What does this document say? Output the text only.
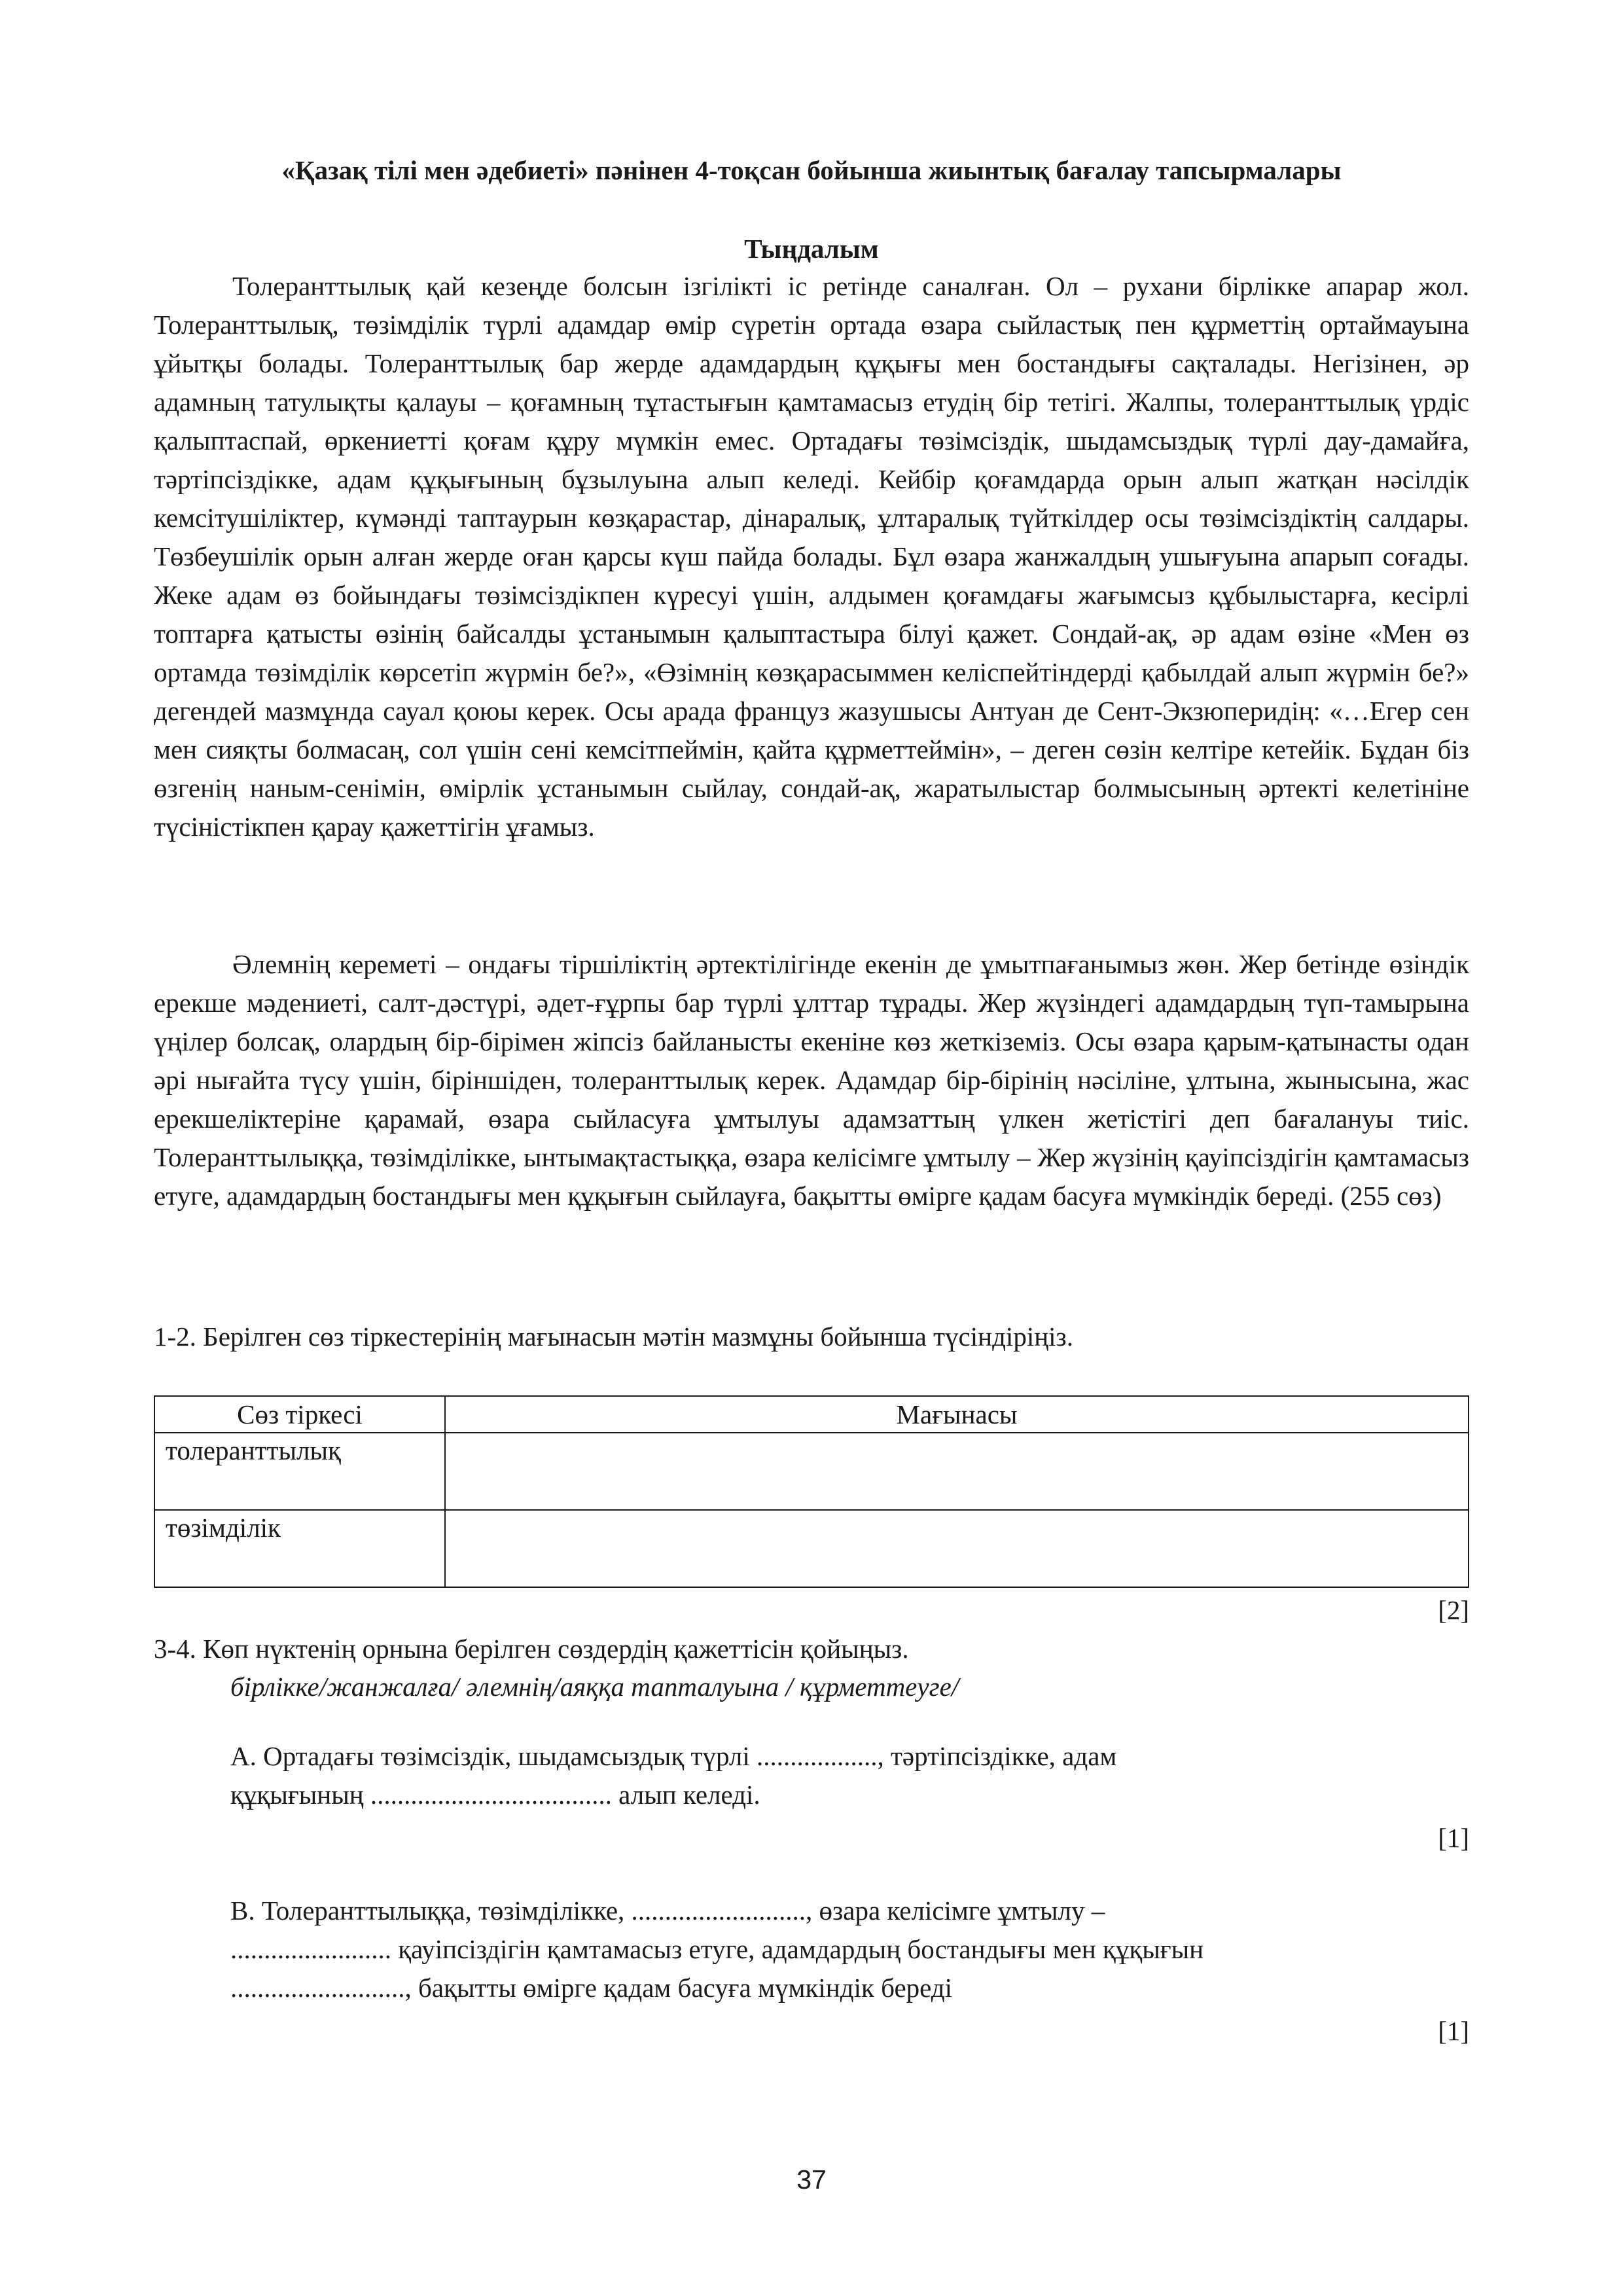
«Қазақ тілі мен әдебиеті» пәнінен 4-тоқсан бойынша жиынтық бағалау тапсырмалары
Тыңдалым

Толеранттылық қай кезеңде болсын ізгілікті іс ретінде саналған. Ол – рухани бірлікке апарар жол. Толеранттылық, төзімділік түрлі адамдар өмір сүретін ортада өзара сыйластық пен құрметтің ортаймауына ұйытқы болады. Толеранттылық бар жерде адамдардың құқығы мен бостандығы сақталады. Негізінен, әр адамның татулықты қалауы – қоғамның тұтастығын қамтамасыз етудің бір тетігі. Жалпы, толеранттылық үрдіс қалыптаспай, өркениетті қоғам құру мүмкін емес. Ортадағы төзімсіздік, шыдамсыздық түрлі дау-дамайға, тәртіпсіздікке, адам құқығының бұзылуына алып келеді. Кейбір қоғамдарда орын алып жатқан нәсілдік кемсітушіліктер, күмәнді таптаурын көзқарастар, дінаралық, ұлтаралық түйткілдер осы төзімсіздіктің салдары. Төзбеушілік орын алған жерде оған қарсы күш пайда болады. Бұл өзара жанжалдың ушығуына апарып соғады. Жеке адам өз бойындағы төзімсіздікпен күресуі үшін, алдымен қоғамдағы жағымсыз құбылыстарға, кесірлі топтарға қатысты өзінің байсалды ұстанымын қалыптастыра білуі қажет. Сондай-ақ, әр адам өзіне «Мен өз ортамда төзімділік көрсетіп жүрмін бе?», «Өзімнің көзқарасыммен келіспейтіндерді қабылдай алып жүрмін бе?» дегендей мазмұнда сауал қоюы керек. Осы арада француз жазушысы Антуан де Сент-Экзюперидің: «…Егер сен мен сияқты болмасаң, сол үшін сені кемсітпеймін, қайта құрметтеймін», – деген сөзін келтіре кетейік. Бұдан біз өзгенің наным-сенімін, өмірлік ұстанымын сыйлау, сондай-ақ, жаратылыстар болмысының әртекті келетініне түсіністікпен қарау қажеттігін ұғамыз.

Әлемнің кереметі – ондағы тіршіліктің әртектілігінде екенін де ұмытпағанымыз жөн. Жер бетінде өзіндік ерекше мәдениеті, салт-дәстүрі, әдет-ғұрпы бар түрлі ұлттар тұрады. Жер жүзіндегі адамдардың түп-тамырына үңілер болсақ, олардың бір-бірімен жіпсіз байланысты екеніне көз жеткіземіз. Осы өзара қарым-қатынасты одан әрі нығайта түсу үшін, біріншіден, толеранттылық керек. Адамдар бір-бірінің нәсіліне, ұлтына, жынысына, жас ерекшеліктеріне қарамай, өзара сыйласуға ұмтылуы адамзаттың үлкен жетістігі деп бағалануы тиіс. Толеранттылыққа, төзімділікке, ынтымақтастыққа, өзара келісімге ұмтылу – Жер жүзінің қауіпсіздігін қамтамасыз етуге, адамдардың бостандығы мен құқығын сыйлауға, бақытты өмірге қадам басуға мүмкіндік береді. (255 сөз)

1-2. Берілген сөз тіркестерінің мағынасын мәтін мазмұны бойынша түсіндіріңіз.
Сөз тіркесі	Мағынасы
толеранттылық	
төзімділік	
[2]
3-4. Көп нүктенің орнына берілген сөздердің қажеттісін қойыңыз.
бірлікке/жанжалға/ әлемнің/аяққа тапталуына / құрметтеуге/
А. Ортадағы төзімсіздік, шыдамсыздық түрлі .................., тәртіпсіздікке, адам
құқығының .................................... алып келеді.
[1]
В. Толеранттылыққа, төзімділікке, .........................., өзара келісімге ұмтылу –
........................ қауіпсіздігін қамтамасыз етуге, адамдардың бостандығы мен құқығын
.........................., бақытты өмірге қадам басуға мүмкіндік береді
[1]
37
